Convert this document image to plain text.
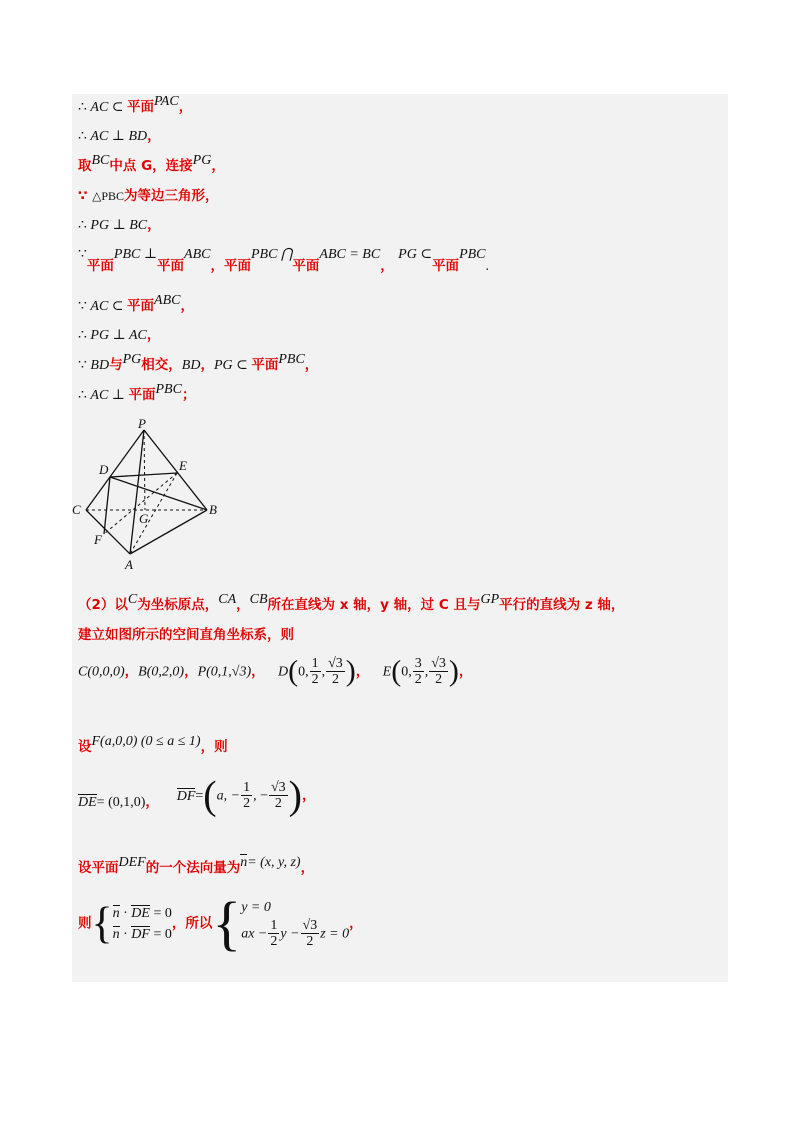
∴ AC ⊂ 平面PAC，
∴ AC ⊥ BD，
取BC中点 G，连接PG，
∵ △PBC为等边三角形，
∴ PG ⊥ BC，
∵平面PBC ⊥平面ABC，平面PBC ⋂平面ABC = BC， PG ⊂平面PBC.
∵ AC ⊂ 平面ABC，
∴ PG ⊥ AC，
∵ BD与PG相交，BD，PG ⊂ 平面PBC，
∴ AC ⊥ 平面PBC；
P
D	E
C
G
B
F
A
（2）以C为坐标原点，CA，CB所在直线为 x 轴，y 轴，过 C 且与GP平行的直线为 z 轴，
建立如图所示的空间直角坐标系，则
C(0,0,0)，B(0,2,0)，P(0,1,√3)， D(0, $\frac{1}{2}$ , $\frac{√3}{2}$ )， E(0, $\frac{3}{2}$ , $\frac{√3}{2}$ )，
设F(a,0,0) (0 ≤ a ≤ 1)，则
DE= (0,1,0)， DF=(a, − $\frac{1}{2}$ , − $\frac{√3}{2}$ )，
设平面DEF的一个法向量为n= (x, y, z)，
则{ n · DE = 0
n · DF = 0
，所以{ y = 0
ax − $\frac{1}{2}$ $y - \frac{√3}{2}$ z = 0
，
